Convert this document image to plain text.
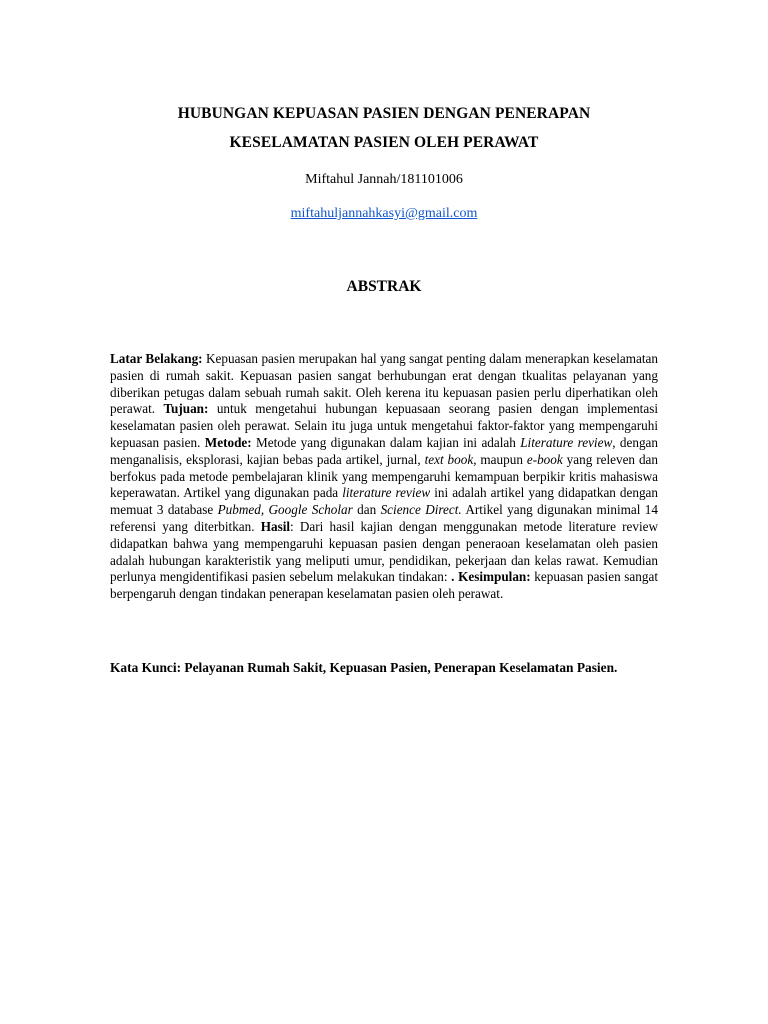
HUBUNGAN KEPUASAN PASIEN DENGAN PENERAPAN
KESELAMATAN PASIEN OLEH PERAWAT
Miftahul Jannah/181101006
miftahuljannahkasyi@gmail.com
ABSTRAK
Latar Belakang: Kepuasan pasien merupakan hal yang sangat penting dalam menerapkan keselamatan pasien di rumah sakit. Kepuasan pasien sangat berhubungan erat dengan tkualitas pelayanan yang diberikan petugas dalam sebuah rumah sakit. Oleh kerena itu kepuasan pasien perlu diperhatikan oleh perawat. Tujuan: untuk mengetahui hubungan kepuasaan seorang pasien dengan implementasi keselamatan pasien oleh perawat. Selain itu juga untuk mengetahui faktor-faktor yang mempengaruhi kepuasan pasien. Metode: Metode yang digunakan dalam kajian ini adalah Literature review, dengan menganalisis, eksplorasi, kajian bebas pada artikel, jurnal, text book, maupun e-book yang releven dan berfokus pada metode pembelajaran klinik yang mempengaruhi kemampuan berpikir kritis mahasiswa keperawatan. Artikel yang digunakan pada literature review ini adalah artikel yang didapatkan dengan memuat 3 database Pubmed, Google Scholar dan Science Direct. Artikel yang digunakan minimal 14 referensi yang diterbitkan. Hasil: Dari hasil kajian dengan menggunakan metode literature review didapatkan bahwa yang mempengaruhi kepuasan pasien dengan peneraoan keselamatan oleh pasien adalah hubungan karakteristik yang meliputi umur, pendidikan, pekerjaan dan kelas rawat. Kemudian perlunya mengidentifikasi pasien sebelum melakukan tindakan: . Kesimpulan: kepuasan pasien sangat berpengaruh dengan tindakan penerapan keselamatan pasien oleh perawat.
Kata Kunci: Pelayanan Rumah Sakit, Kepuasan Pasien, Penerapan Keselamatan Pasien.
